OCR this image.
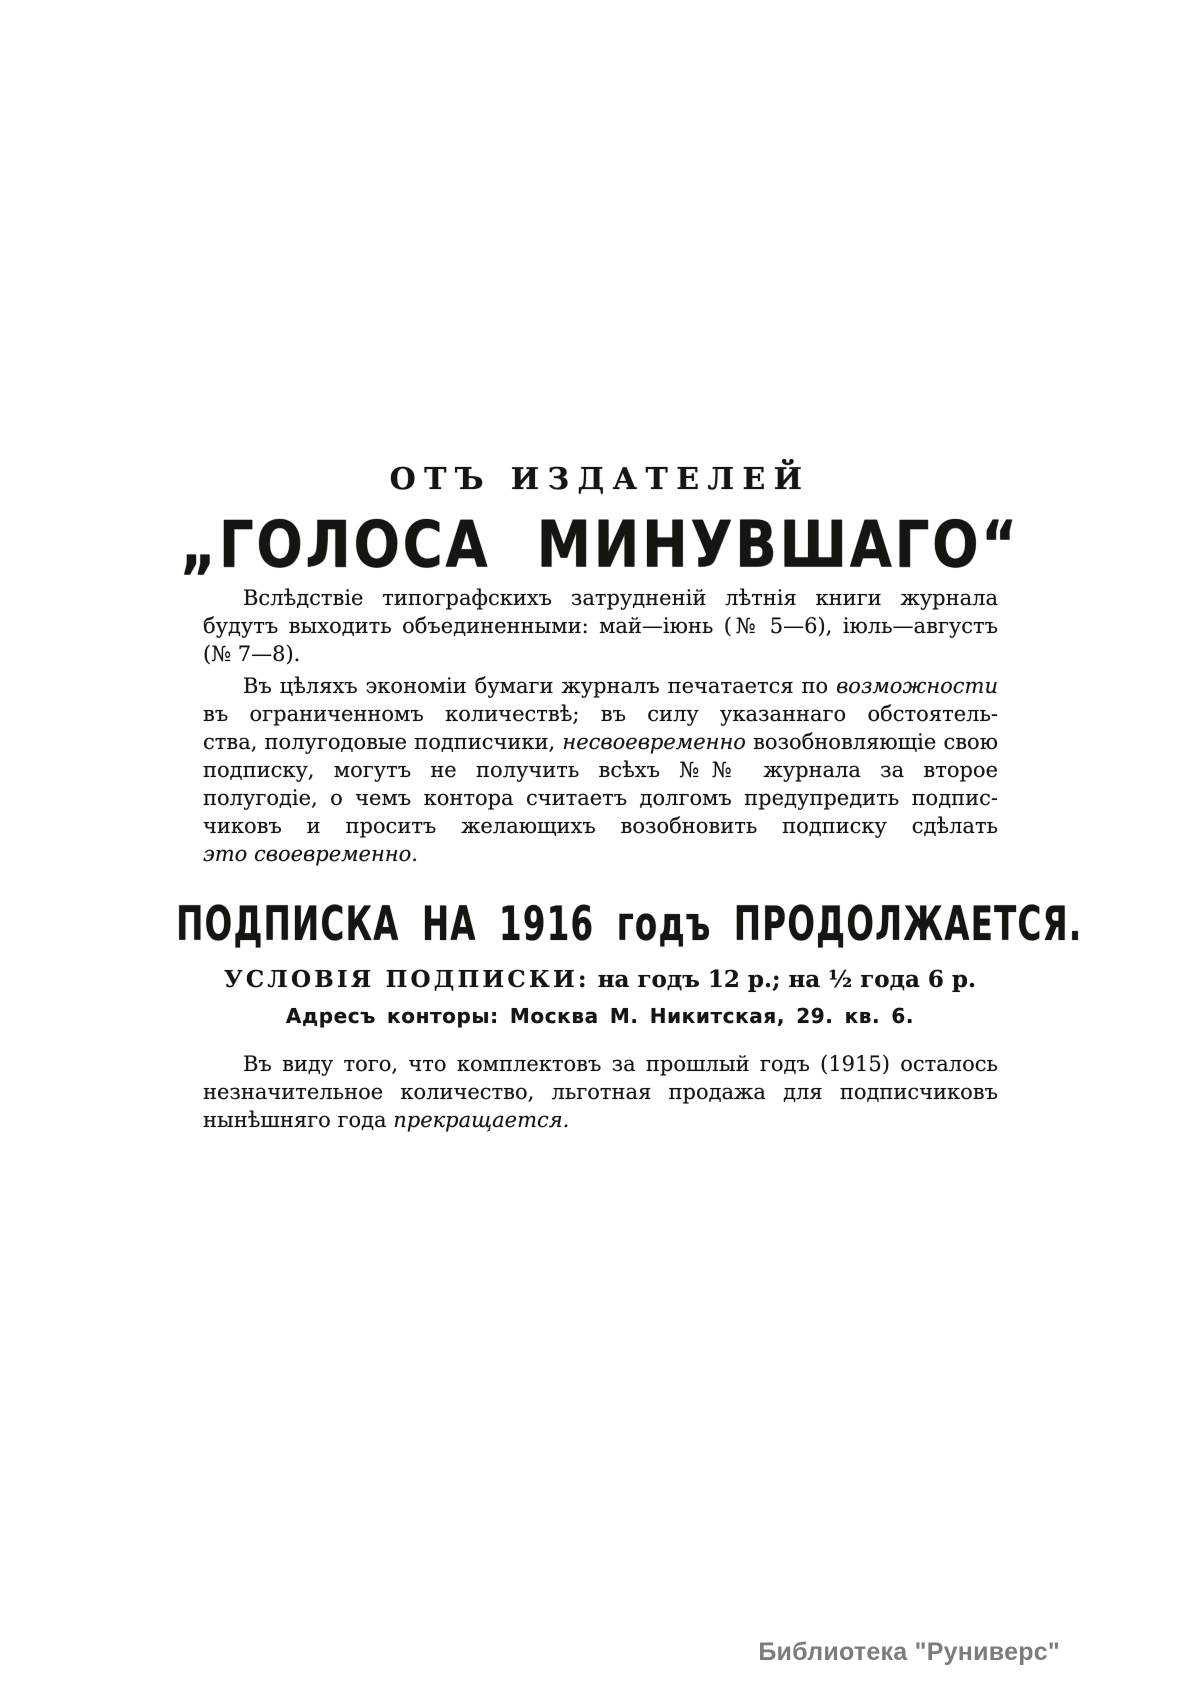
ОТЪ ИЗДАТЕЛЕЙ
„ГОЛОСА МИНУВШАГО“
Вслѣдствіе типографскихъ затрудненій лѣтнія книги журнала
будутъ выходить объединенными: май—іюнь (№ 5—6), іюль—августъ
(№ 7—8).
Въ цѣляхъ экономіи бумаги журналъ печатается по возможности
въ ограниченномъ количествѣ; въ силу указаннаго обстоятель-
ства, полугодовые подписчики, несвоевременно возобновляющіе свою
подписку, могутъ не получить всѣхъ №№ журнала за второе
полугодіе, о чемъ контора считаетъ долгомъ предупредить подпис-
чиковъ и проситъ желающихъ возобновить подписку сдѣлать
это своевременно.
ПОДПИСКА НА 1916 годъ ПРОДОЛЖАЕТСЯ.
УСЛОВІЯ ПОДПИСКИ: на годъ 12 р.; на ½ года 6 р.
Адресъ конторы: Москва М. Никитская, 29. кв. 6.
Въ виду того, что комплектовъ за прошлый годъ (1915) осталось
незначительное количество, льготная продажа для подписчиковъ
нынѣшняго года прекращается.
Библиотека "Руниверс"
